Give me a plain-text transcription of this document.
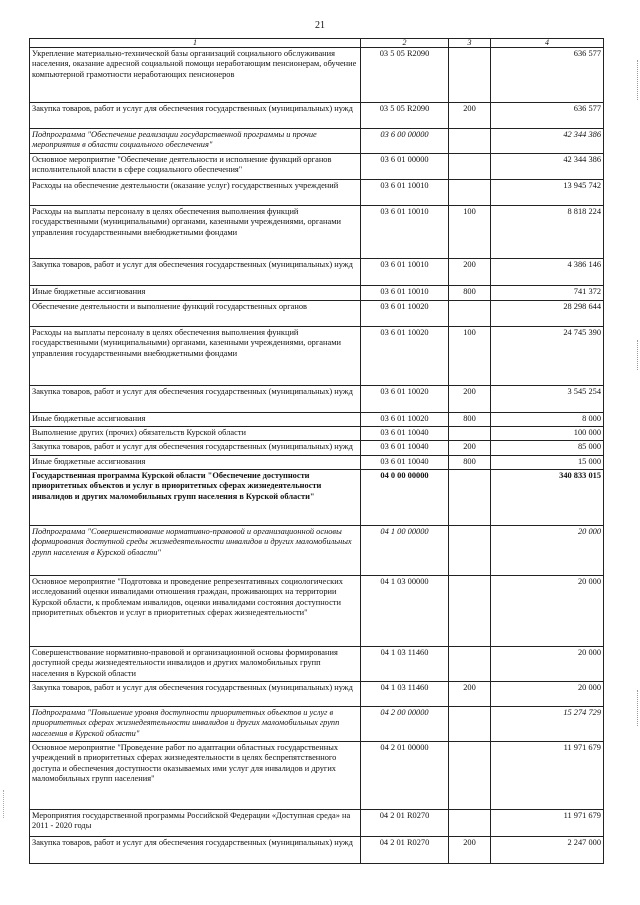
21
1	2	3	4
Укрепление материально-технической базы организаций социального обслуживания населения, оказание адресной социальной помощи неработающим пенсионерам, обучение компьютерной грамотности неработающих пенсионеров	03 5 05 R2090		636 577
Закупка товаров, работ и услуг для обеспечения государственных (муниципальных) нужд	03 5 05 R2090	200	636 577
Подпрограмма "Обеспечение реализации государственной программы и прочие мероприятия в области социального обеспечения"	03 6 00 00000		42 344 386
Основное мероприятие "Обеспечение деятельности и исполнение функций органов исполнительной власти в сфере социального обеспечения"	03 6 01 00000		42 344 386
Расходы на обеспечение деятельности (оказание услуг) государственных учреждений	03 6 01 10010		13 945 742
Расходы на выплаты персоналу в целях обеспечения выполнения функций государственными (муниципальными) органами, казенными учреждениями, органами управления государственными внебюджетными фондами	03 6 01 10010	100	8 818 224
Закупка товаров, работ и услуг для обеспечения государственных (муниципальных) нужд	03 6 01 10010	200	4 386 146
Иные бюджетные ассигнования	03 6 01 10010	800	741 372
Обеспечение деятельности и выполнение функций государственных органов	03 6 01 10020		28 298 644
Расходы на выплаты персоналу в целях обеспечения выполнения функций государственными (муниципальными) органами, казенными учреждениями, органами управления государственными внебюджетными фондами	03 6 01 10020	100	24 745 390
Закупка товаров, работ и услуг для обеспечения государственных (муниципальных) нужд	03 6 01 10020	200	3 545 254
Иные бюджетные ассигнования	03 6 01 10020	800	8 000
Выполнение других (прочих) обязательств Курской области	03 6 01 10040		100 000
Закупка товаров, работ и услуг для обеспечения государственных (муниципальных) нужд	03 6 01 10040	200	85 000
Иные бюджетные ассигнования	03 6 01 10040	800	15 000
Государственная программа Курской области "Обеспечение доступности приоритетных объектов и услуг в приоритетных сферах жизнедеятельности инвалидов и других маломобильных групп населения в Курской области"	04 0 00 00000		340 833 015
Подпрограмма "Совершенствование нормативно-правовой и организационной основы формирования доступной среды жизнедеятельности инвалидов и других маломобильных групп населения в Курской области"	04 1 00 00000		20 000
Основное мероприятие "Подготовка и проведение репрезентативных социологических исследований оценки инвалидами отношения граждан, проживающих на территории Курской области, к проблемам инвалидов, оценки инвалидами состояния доступности приоритетных объектов и услуг в приоритетных сферах жизнедеятельности"	04 1 03 00000		20 000
Совершенствование нормативно-правовой и организационной основы формирования доступной среды жизнедеятельности инвалидов и других маломобильных групп населения в Курской области	04 1 03 11460		20 000
Закупка товаров, работ и услуг для обеспечения государственных (муниципальных) нужд	04 1 03 11460	200	20 000
Подпрограмма "Повышение уровня доступности приоритетных объектов и услуг в приоритетных сферах жизнедеятельности инвалидов и других маломобильных групп населения в Курской области"	04 2 00 00000		15 274 729
Основное мероприятие "Проведение работ по адаптации областных государственных учреждений в приоритетных сферах жизнедеятельности в целях беспрепятственного доступа и обеспечения доступности оказываемых ими услуг для инвалидов и других маломобильных групп населения"	04 2 01 00000		11 971 679
Мероприятия государственной программы Российской Федерации «Доступная среда» на 2011 - 2020 годы	04 2 01 R0270		11 971 679
Закупка товаров, работ и услуг для обеспечения государственных (муниципальных) нужд	04 2 01 R0270	200	2 247 000
